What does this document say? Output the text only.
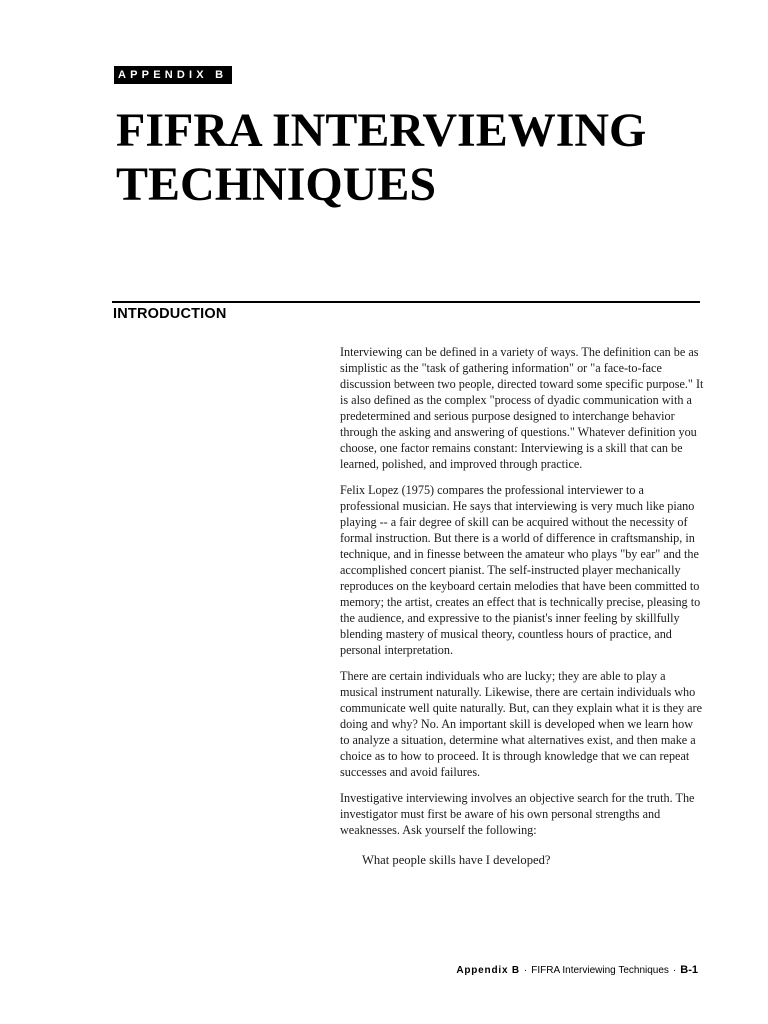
APPENDIX B
FIFRA INTERVIEWING
TECHNIQUES
INTRODUCTION

Interviewing can be defined in a variety of ways. The definition can be as simplistic as the "task of gathering information" or "a face-to-face discussion between two people, directed toward some specific purpose." It is also defined as the complex "process of dyadic communication with a predetermined and serious purpose designed to interchange behavior through the asking and answering of questions." Whatever definition you choose, one factor remains constant: Interviewing is a skill that can be learned, polished, and improved through practice.

Felix Lopez (1975) compares the professional interviewer to a professional musician. He says that interviewing is very much like piano playing -- a fair degree of skill can be acquired without the necessity of formal instruction. But there is a world of difference in craftsmanship, in technique, and in finesse between the amateur who plays "by ear" and the accomplished concert pianist. The self-instructed player mechanically reproduces on the keyboard certain melodies that have been committed to memory; the artist, creates an effect that is technically precise, pleasing to the audience, and expressive to the pianist's inner feeling by skillfully blending mastery of musical theory, countless hours of practice, and personal interpretation.

There are certain individuals who are lucky; they are able to play a musical instrument naturally. Likewise, there are certain individuals who communicate well quite naturally. But, can they explain what it is they are doing and why? No. An important skill is developed when we learn how to analyze a situation, determine what alternatives exist, and then make a choice as to how to proceed. It is through knowledge that we can repeat successes and avoid failures.

Investigative interviewing involves an objective search for the truth. The investigator must first be aware of his own personal strengths and weaknesses. Ask yourself the following:

What people skills have I developed?

Appendix B · FIFRA Interviewing Techniques · B-1
